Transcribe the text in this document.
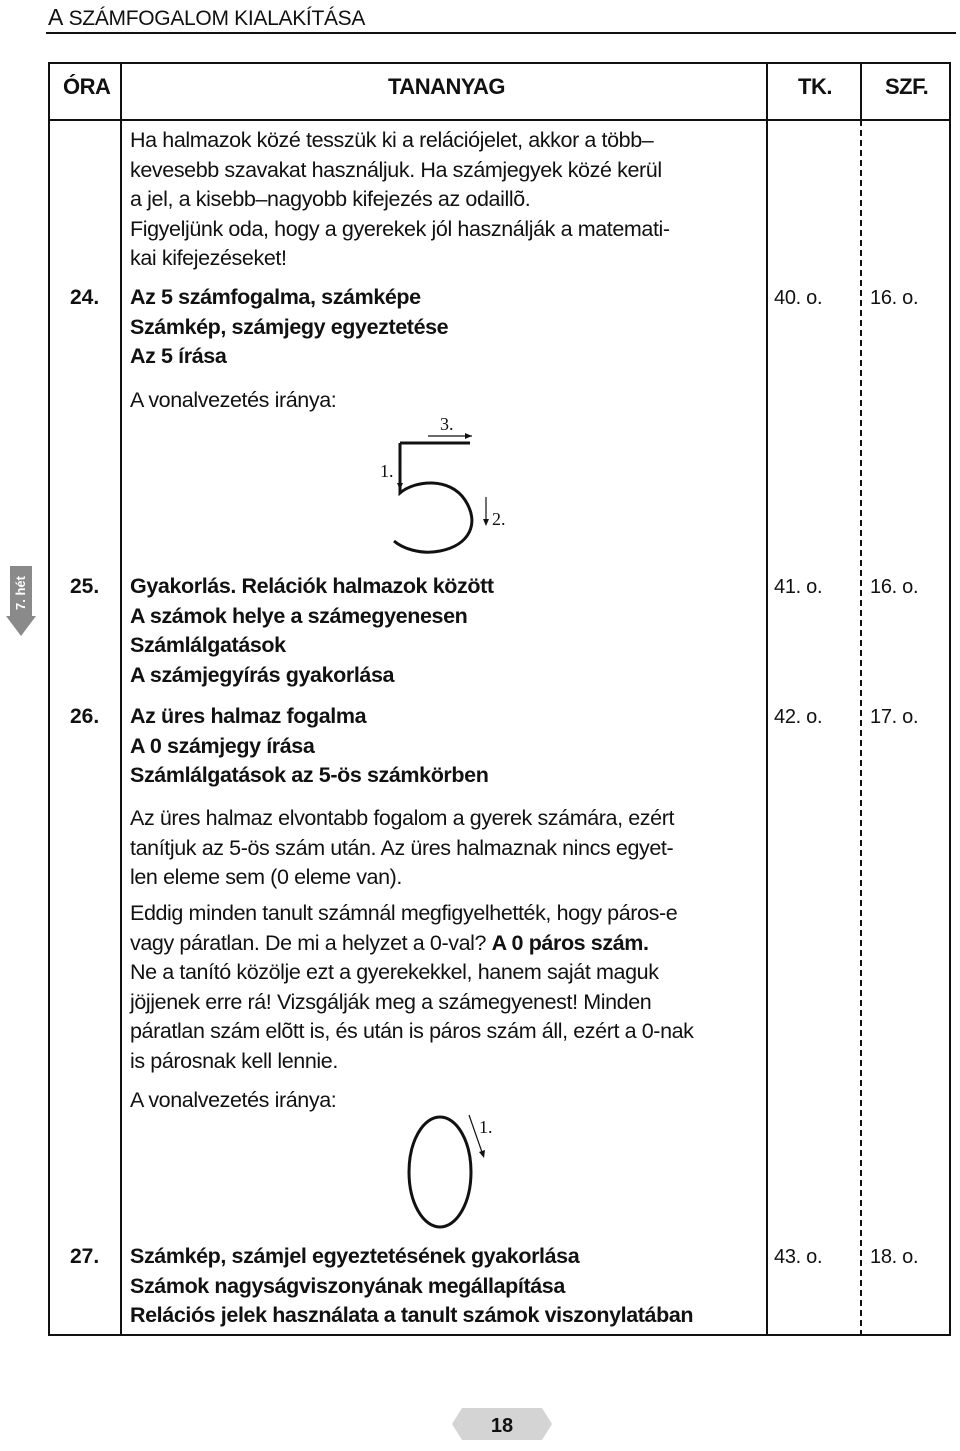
A SZÁMFOGALOM KIALAKÍTÁSA
ÓRA	TANANYAG	TK. SZF.

Ha halmazok közé tesszük ki a relációjelet, akkor a több–

kevesebb szavakat használjuk. Ha számjegyek közé kerül

a jel, a kisebb–nagyobb kifejezés az odaillõ.

Figyeljünk oda, hogy a gyerekek jól használják a matemati-

kai kifejezéseket!

24. Az 5 számfogalma, számképe

Számkép, számjegy egyeztetése

Az 5 írása

A vonalvezetés iránya:
3.
1.
2.
40. o. 16. o.
7. hét 25. Gyakorlás. Relációk halmazok között

A számok helye a számegyenesen

Számlálgatások

A számjegyírás gyakorlása

41. o. 16. o.
26. Az üres halmaz fogalma

A 0 számjegy írása

Számlálgatások az 5-ös számkörben

Az üres halmaz elvontabb fogalom a gyerek számára, ezért

tanítjuk az 5-ös szám után. Az üres halmaznak nincs egyet-

len eleme sem (0 eleme van).

Eddig minden tanult számnál megfigyelhették, hogy páros-e

vagy páratlan. De mi a helyzet a 0-val? A 0 páros szám.

Ne a tanító közölje ezt a gyerekekkel, hanem saját maguk

jöjjenek erre rá! Vizsgálják meg a számegyenest! Minden

páratlan szám elõtt is, és után is páros szám áll, ezért a 0-nak

is párosnak kell lennie.

A vonalvezetés iránya:
1.
42. o. 17. o.
27. Számkép, számjel egyeztetésének gyakorlása

Számok nagyságviszonyának megállapítása

Relációs jelek használata a tanult számok viszonylatában

43. o. 18. o.
18
